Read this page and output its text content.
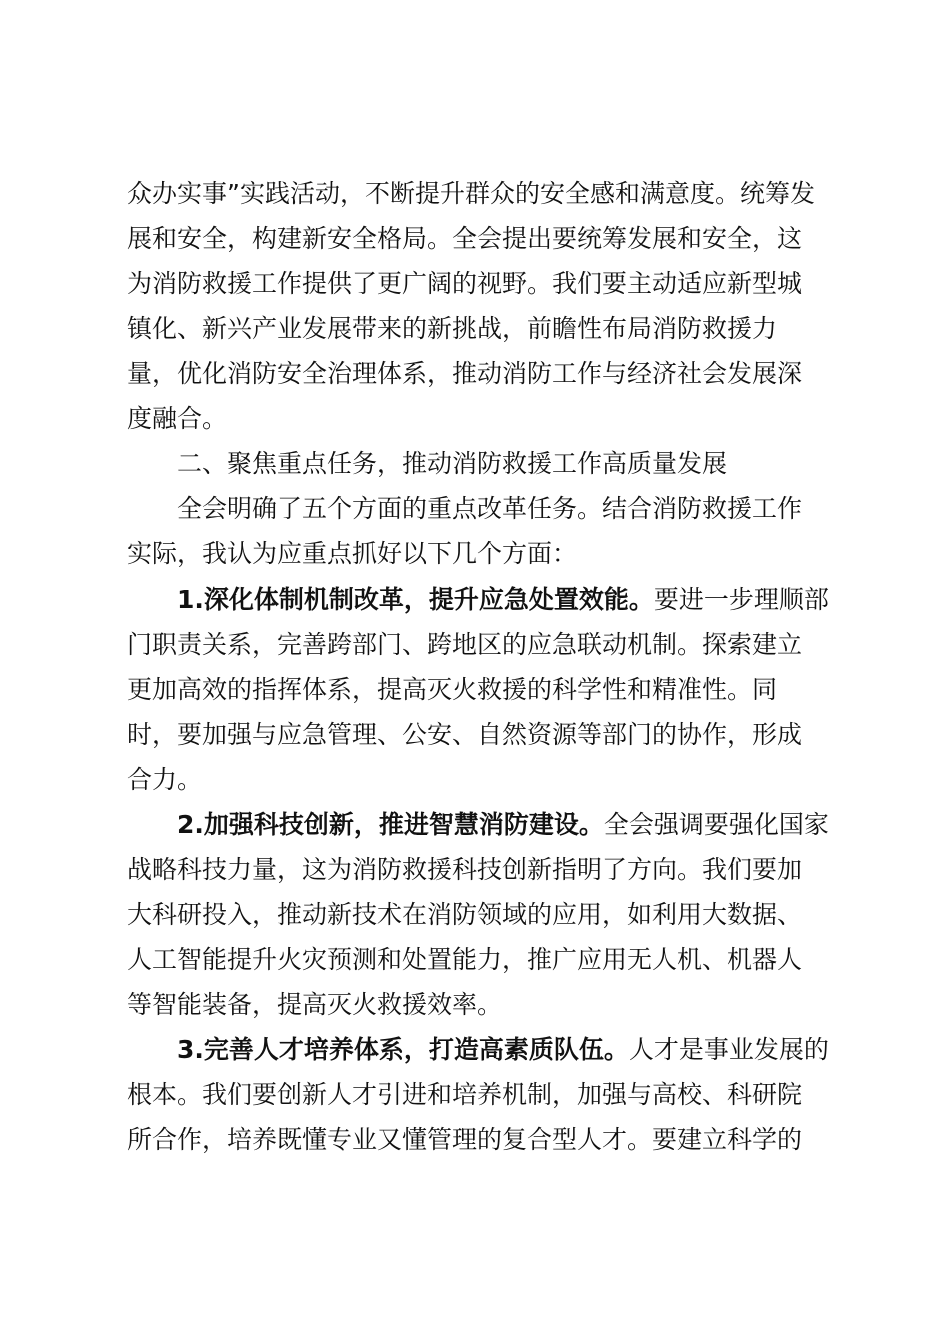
众办实事”实践活动，不断提升群众的安全感和满意度。统筹发
展和安全，构建新安全格局。全会提出要统筹发展和安全，这
为消防救援工作提供了更广阔的视野。我们要主动适应新型城
镇化、新兴产业发展带来的新挑战，前瞻性布局消防救援力
量，优化消防安全治理体系，推动消防工作与经济社会发展深
度融合。
二、聚焦重点任务，推动消防救援工作高质量发展
全会明确了五个方面的重点改革任务。结合消防救援工作
实际，我认为应重点抓好以下几个方面：
1.深化体制机制改革，提升应急处置效能。要进一步理顺部
门职责关系，完善跨部门、跨地区的应急联动机制。探索建立
更加高效的指挥体系，提高灭火救援的科学性和精准性。同
时，要加强与应急管理、公安、自然资源等部门的协作，形成
合力。
2.加强科技创新，推进智慧消防建设。全会强调要强化国家
战略科技力量，这为消防救援科技创新指明了方向。我们要加
大科研投入，推动新技术在消防领域的应用，如利用大数据、
人工智能提升火灾预测和处置能力，推广应用无人机、机器人
等智能装备，提高灭火救援效率。
3.完善人才培养体系，打造高素质队伍。人才是事业发展的
根本。我们要创新人才引进和培养机制，加强与高校、科研院
所合作，培养既懂专业又懂管理的复合型人才。要建立科学的
